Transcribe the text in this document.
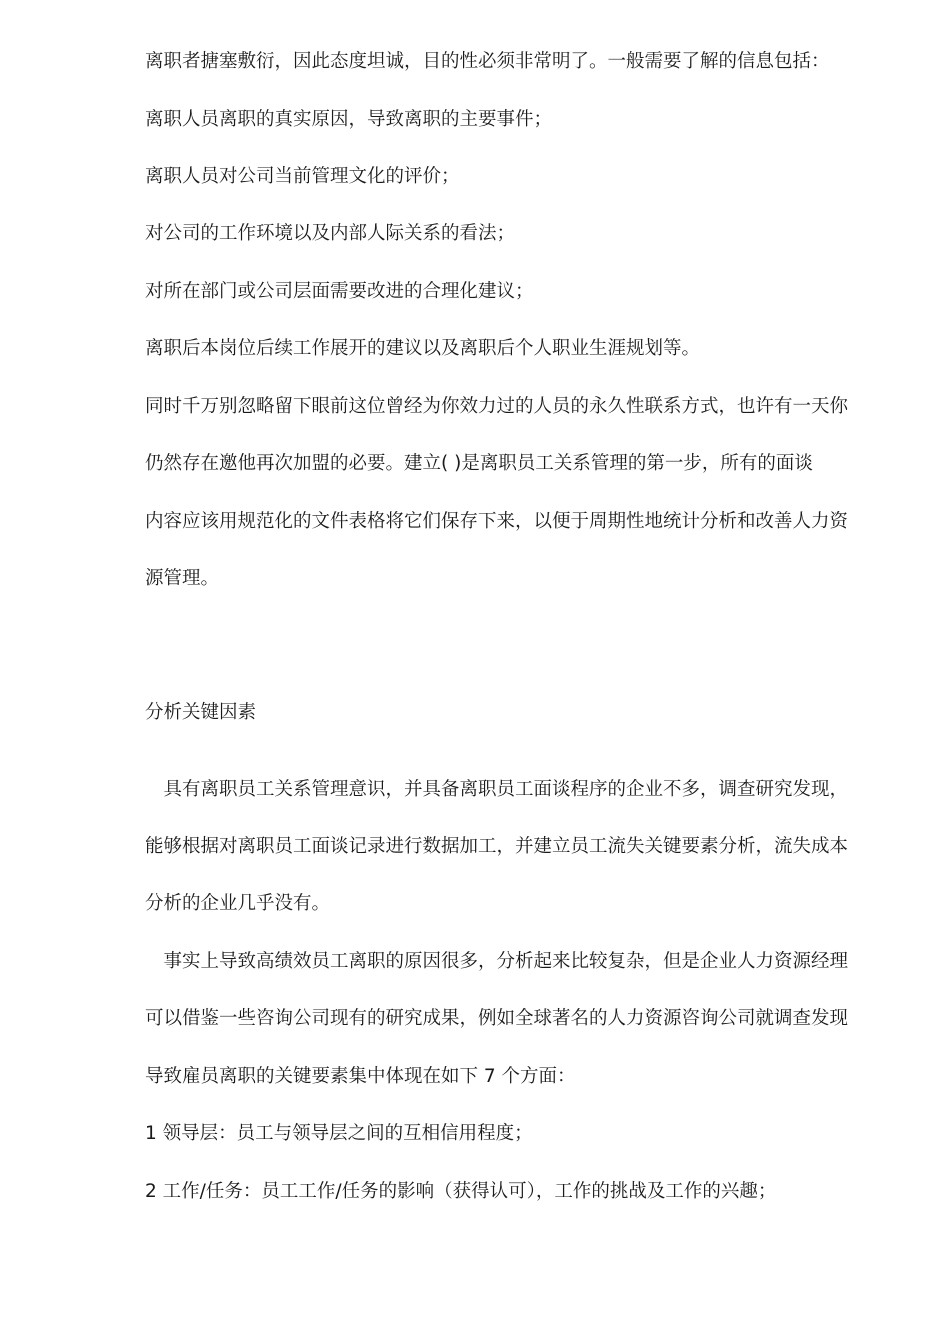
离职者搪塞敷衍，因此态度坦诚，目的性必须非常明了。一般需要了解的信息包括：
离职人员离职的真实原因，导致离职的主要事件；
离职人员对公司当前管理文化的评价；
对公司的工作环境以及内部人际关系的看法；
对所在部门或公司层面需要改进的合理化建议；
离职后本岗位后续工作展开的建议以及离职后个人职业生涯规划等。
同时千万别忽略留下眼前这位曾经为你效力过的人员的永久性联系方式，也许有一天你
仍然存在邀他再次加盟的必要。建立( )是离职员工关系管理的第一步，所有的面谈
内容应该用规范化的文件表格将它们保存下来，以便于周期性地统计分析和改善人力资
源管理。
分析关键因素
　具有离职员工关系管理意识，并具备离职员工面谈程序的企业不多，调查研究发现，
能够根据对离职员工面谈记录进行数据加工，并建立员工流失关键要素分析，流失成本
分析的企业几乎没有。
　事实上导致高绩效员工离职的原因很多，分析起来比较复杂，但是企业人力资源经理
可以借鉴一些咨询公司现有的研究成果，例如全球著名的人力资源咨询公司就调查发现
导致雇员离职的关键要素集中体现在如下 7 个方面：
1 领导层：员工与领导层之间的互相信用程度；
2 工作/任务：员工工作/任务的影响（获得认可），工作的挑战及工作的兴趣；
